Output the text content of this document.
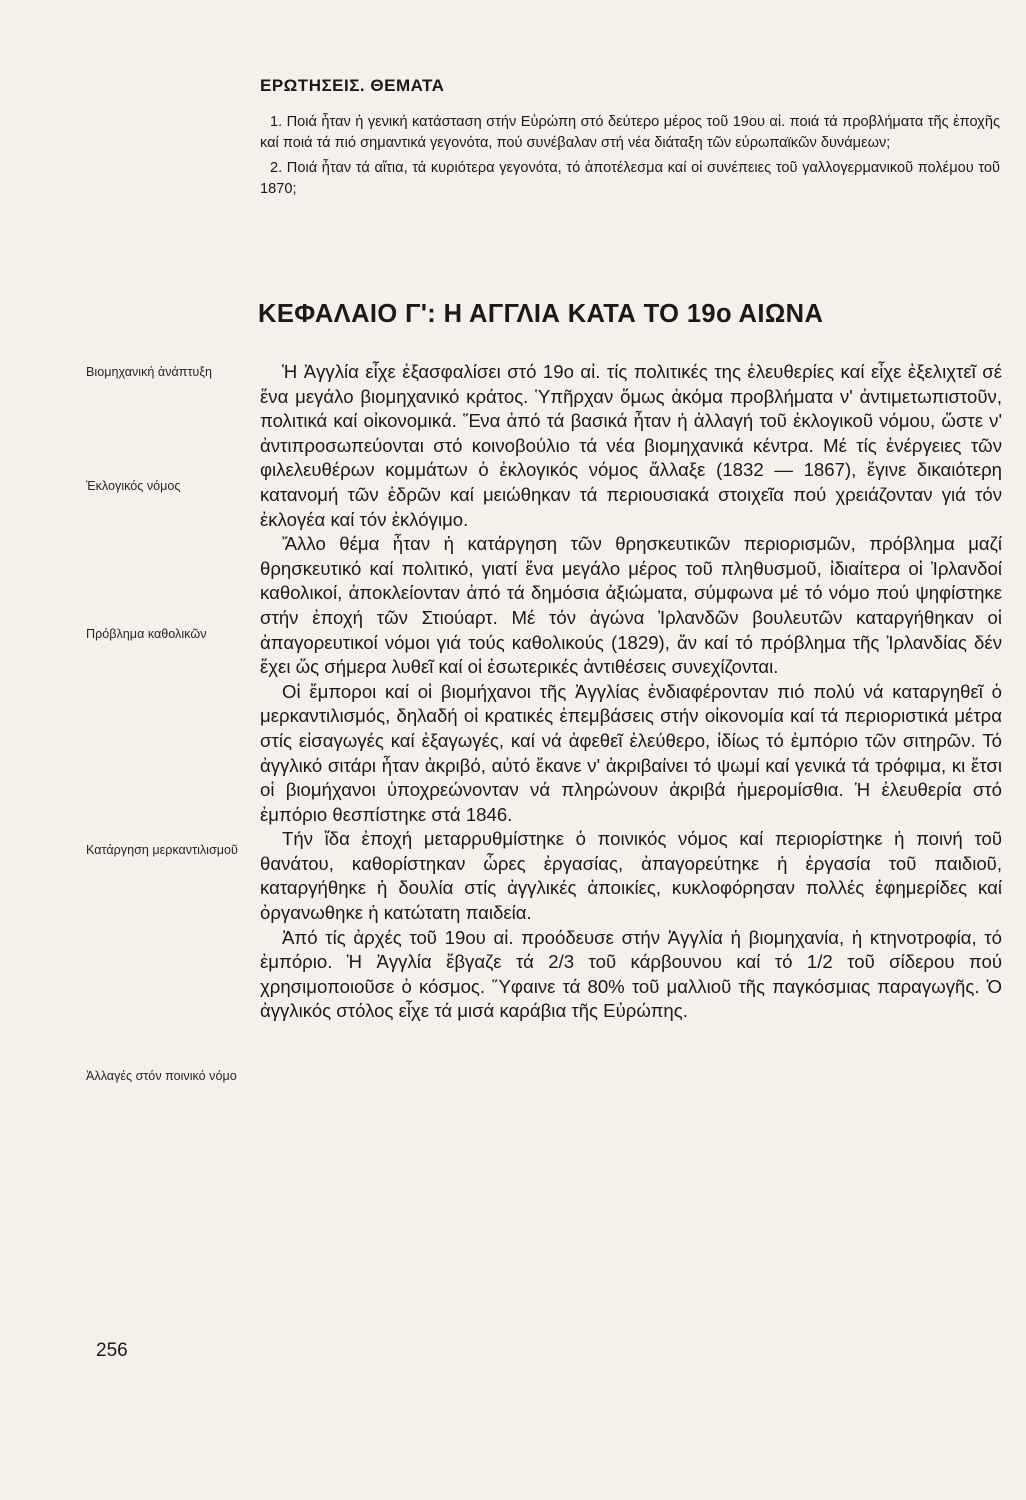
ΕΡΩΤΗΣΕΙΣ. ΘΕΜΑΤΑ

1. Ποιά ἦταν ἡ γενική κατάσταση στήν Εὐρώπη στό δεύτερο μέρος τοῦ 19ου αἰ. ποιά τά προβλήματα τῆς ἐποχῆς καί ποιά τά πιό σημαντικά γεγονότα, πού συνέβαλαν στή νέα διάταξη τῶν εὐρωπαϊκῶν δυνάμεων;

2. Ποιά ἦταν τά αἴτια, τά κυριότερα γεγονότα, τό ἀποτέλεσμα καί οἱ συνέπειες τοῦ γαλλογερμανικοῦ πολέμου τοῦ 1870;

ΚΕΦΑΛΑΙΟ Γ': Η ΑΓΓΛΙΑ ΚΑΤΑ ΤΟ 19ο ΑΙΩΝΑ
Βιομηχανική ἀνάπτυξη
Ἐκλογικός νόμος
Πρόβλημα καθολικῶν
Κατάργηση μερκαντιλισμοῦ
Ἀλλαγές στόν ποινικό νόμο

Ἡ Ἀγγλία εἶχε ἐξασφαλίσει στό 19ο αἰ. τίς πολιτικές της ἐλευθερίες καί εἶχε ἐξελιχτεῖ σέ ἕνα μεγάλο βιομηχανικό κράτος. Ὑπῆρχαν ὅμως ἀκόμα προβλήματα ν' ἀντιμετωπιστοῦν, πολιτικά καί οἰκονομικά. Ἕνα ἀπό τά βασικά ἦταν ἡ ἀλλαγή τοῦ ἐκλογικοῦ νόμου, ὥστε ν' ἀντιπροσωπεύονται στό κοινοβούλιο τά νέα βιομηχανικά κέντρα. Μέ τίς ἐνέργειες τῶν φιλελευθέρων κομμάτων ὁ ἐκλογικός νόμος ἄλλαξε (1832 — 1867), ἔγινε δικαιότερη κατανομή τῶν ἑδρῶν καί μειώθηκαν τά περιουσιακά στοιχεῖα πού χρειάζονταν γιά τόν ἐκλογέα καί τόν ἐκλόγιμο.

Ἄλλο θέμα ἦταν ἡ κατάργηση τῶν θρησκευτικῶν περιορισμῶν, πρόβλημα μαζί θρησκευτικό καί πολιτικό, γιατί ἕνα μεγάλο μέρος τοῦ πληθυσμοῦ, ἰδιαίτερα οἱ Ἰρλανδοί καθολικοί, ἀποκλείονταν ἀπό τά δημόσια ἀξιώματα, σύμφωνα μέ τό νόμο πού ψηφίστηκε στήν ἐποχή τῶν Στιούαρτ. Μέ τόν ἀγώνα Ἰρλανδῶν βουλευτῶν καταργήθηκαν οἱ ἀπαγορευτικοί νόμοι γιά τούς καθολικούς (1829), ἄν καί τό πρόβλημα τῆς Ἰρλανδίας δέν ἔχει ὥς σήμερα λυθεῖ καί οἱ ἐσωτερικές ἀντιθέσεις συνεχίζονται.

Οἱ ἔμποροι καί οἱ βιομήχανοι τῆς Ἀγγλίας ἐνδιαφέρονταν πιό πολύ νά καταργηθεῖ ὁ μερκαντιλισμός, δηλαδή οἱ κρατικές ἐπεμβάσεις στήν οἰκονομία καί τά περιοριστικά μέτρα στίς εἰσαγωγές καί ἐξαγωγές, καί νά ἀφεθεῖ ἐλεύθερο, ἰδίως τό ἐμπόριο τῶν σιτηρῶν. Τό ἀγγλικό σιτάρι ἦταν ἀκριβό, αὐτό ἔκανε ν' ἀκριβαίνει τό ψωμί καί γενικά τά τρόφιμα, κι ἔτσι οἱ βιομήχανοι ὑποχρεώνονταν νά πληρώνουν ἀκριβά ἡμερομίσθια. Ἡ ἐλευθερία στό ἐμπόριο θεσπίστηκε στά 1846.

Τήν ἴδα ἐποχή μεταρρυθμίστηκε ὁ ποινικός νόμος καί περιορίστηκε ἡ ποινή τοῦ θανάτου, καθορίστηκαν ὧρες ἐργασίας, ἀπαγορεύτηκε ἡ ἐργασία τοῦ παιδιοῦ, καταργήθηκε ἡ δουλία στίς ἀγγλικές ἀποικίες, κυκλοφόρησαν πολλές ἐφημερίδες καί ὀργανωθηκε ἡ κατώτατη παιδεία.

Ἀπό τίς ἀρχές τοῦ 19ου αἰ. προόδευσε στήν Ἀγγλία ἡ βιομηχανία, ἡ κτηνοτροφία, τό ἐμπόριο. Ἡ Ἀγγλία ἔβγαζε τά 2/3 τοῦ κάρβουνου καί τό 1/2 τοῦ σίδερου πού χρησιμοποιοῦσε ὁ κόσμος. Ὕφαινε τά 80% τοῦ μαλλιοῦ τῆς παγκόσμιας παραγωγῆς. Ὁ ἀγγλικός στόλος εἶχε τά μισά καράβια τῆς Εὐρώπης.

256
